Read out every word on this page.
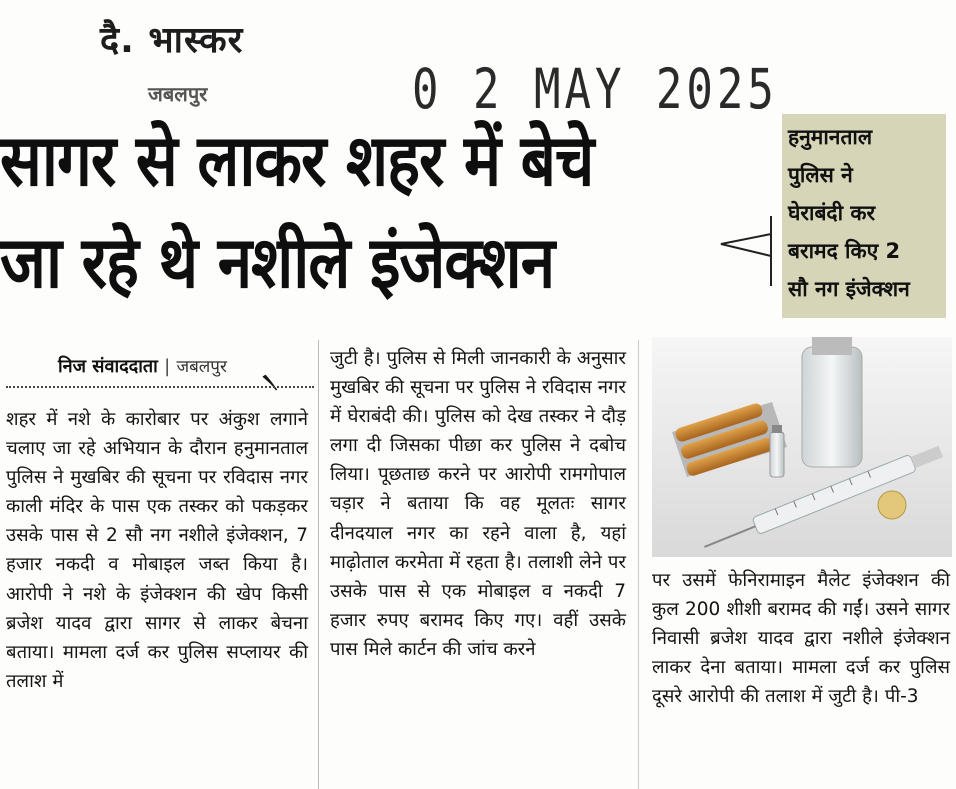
दै. भास्कर
जबलपुर	0 2 MAY 2025
सागर से लाकर शहर में बेचे
जा रहे थे नशीले इंजेक्शन
हनुमानताल
पुलिस ने
घेराबंदी कर
बरामद किए 2
सौ नग इंजेक्शन
निज संवाददाता | जबलपुर ৲

शहर में नशे के कारोबार पर अंकुश लगाने चलाए जा रहे अभियान के दौरान हनुमानताल पुलिस ने मुखबिर की सूचना पर रविदास नगर काली मंदिर के पास एक तस्कर को पकड़कर उसके पास से 2 सौ नग नशीले इंजेक्शन, 7 हजार नकदी व मोबाइल जब्त किया है। आरोपी ने नशे के इंजेक्शन की खेप किसी ब्रजेश यादव द्वारा सागर से लाकर बेचना बताया। मामला दर्ज कर पुलिस सप्लायर की तलाश में

जुटी है। पुलिस से मिली जानकारी के अनुसार मुखबिर की सूचना पर पुलिस ने रविदास नगर में घेराबंदी की। पुलिस को देख तस्कर ने दौड़ लगा दी जिसका पीछा कर पुलिस ने दबोच लिया। पूछताछ करने पर आरोपी रामगोपाल चड़ार ने बताया कि वह मूलतः सागर दीनदयाल नगर का रहने वाला है, यहां माढ़ोताल करमेता में रहता है। तलाशी लेने पर उसके पास से एक मोबाइल व नकदी 7 हजार रुपए बरामद किए गए। वहीं उसके पास मिले कार्टन की जांच करने

पर उसमें फेनिरामाइन मैलेट इंजेक्शन की कुल 200 शीशी बरामद की गईं। उसने सागर निवासी ब्रजेश यादव द्वारा नशीले इंजेक्शन लाकर देना बताया। मामला दर्ज कर पुलिस दूसरे आरोपी की तलाश में जुटी है। पी-3
